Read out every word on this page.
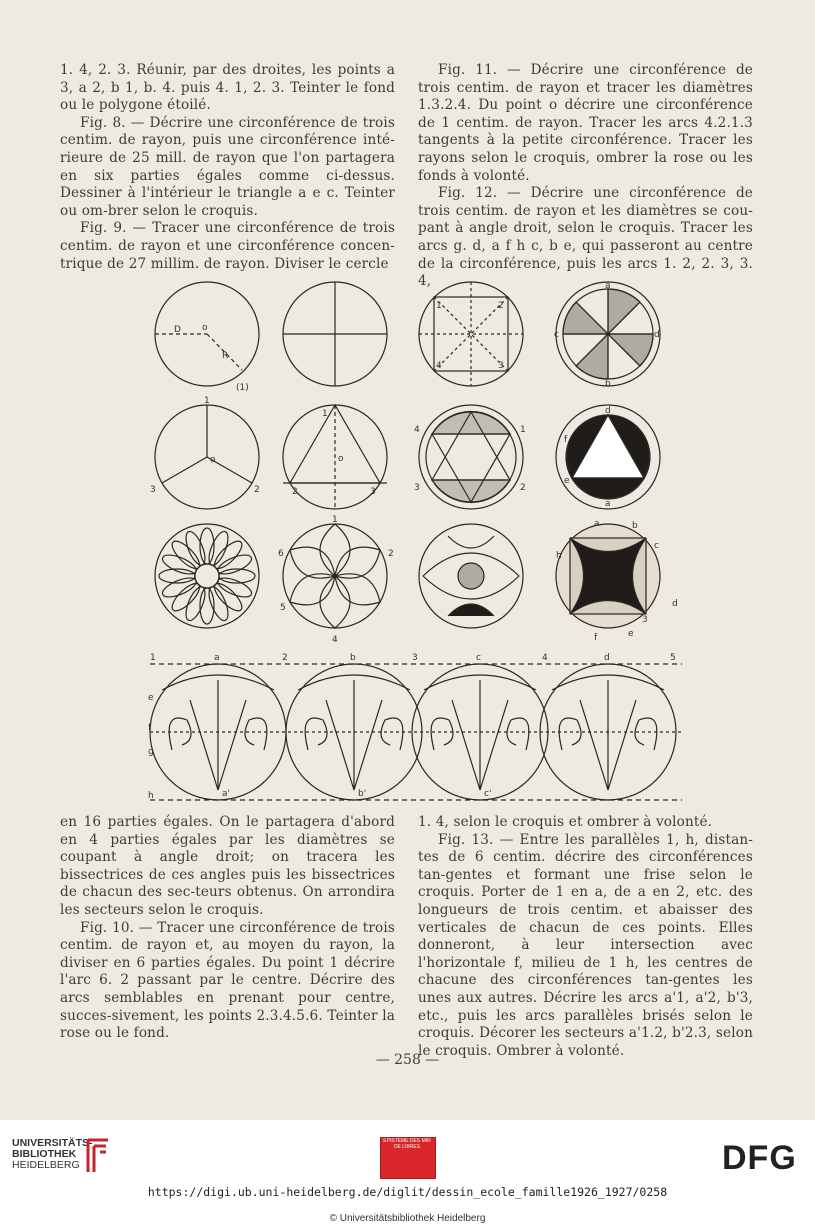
1. 4, 2. 3. Réunir, par des droites, les points a 3, a 2, b 1, b. 4. puis 4. 1, 2. 3. Teinter le fond ou le polygone étoilé.

Fig. 8. — Décrire une circonférence de trois centim. de rayon, puis une circonférence inté-rieure de 25 mill. de rayon que l'on partagera en six parties égales comme ci-dessus. Dessiner à l'intérieur le triangle a e c. Teinter ou om-brer selon le croquis.

Fig. 9. — Tracer une circonférence de trois centim. de rayon et une circonférence concen-trique de 27 millim. de rayon. Diviser le cercle

Fig. 11. — Décrire une circonférence de trois centim. de rayon et tracer les diamètres 1.3.2.4. Du point o décrire une circonférence de 1 centim. de rayon. Tracer les arcs 4.2.1.3 tangents à la petite circonférence. Tracer les rayons selon le croquis, ombrer la rose ou les fonds à volonté.

Fig. 12. — Décrire une circonférence de trois centim. de rayon et les diamètres se cou-pant à angle droit, selon le croquis. Tracer les arcs g. d, a f h c, b e, qui passeront au centre de la circonférence, puis les arcs 1. 2, 2. 3, 3. 4,

D o
R
(1)
1	2
4	3
a
c	d
b
1
o
3	2
1
o
2	3
1
4
3	2
d
f
e
a
1
6
5
4
2
a	b
h
c
d
e
f
3
1	a	2	b	3	c	4	d	5
e
f
g
h	a'	b'	c'

en 16 parties égales. On le partagera d'abord en 4 parties égales par les diamètres se coupant à angle droit; on tracera les bissectrices de ces angles puis les bissectrices de chacun des sec-teurs obtenus. On arrondira les secteurs selon le croquis.

Fig. 10. — Tracer une circonférence de trois centim. de rayon et, au moyen du rayon, la diviser en 6 parties égales. Du point 1 décrire l'arc 6. 2 passant par le centre. Décrire des arcs semblables en prenant pour centre, succes-sivement, les points 2.3.4.5.6. Teinter la rose ou le fond.

1. 4, selon le croquis et ombrer à volonté.

Fig. 13. — Entre les parallèles 1, h, distan-tes de 6 centim. décrire des circonférences tan-gentes et formant une frise selon le croquis. Porter de 1 en a, de a en 2, etc. des longueurs de trois centim. et abaisser des verticales de chacun de ces points. Elles donneront, à leur intersection avec l'horizontale f, milieu de 1 h, les centres de chacune des circonférences tan-gentes les unes aux autres. Décrire les arcs a'1, a'2, b'3, etc., puis les arcs parallèles brisés selon le croquis. Décorer les secteurs a'1.2, b'2.3, selon le croquis. Ombrer à volonté.

— 258 —
UNIVERSITÄTS-
BIBLIOTHEK
HEIDELBERG
EPISTEME DES MIR DE LIBRES	DFG
https://digi.ub.uni-heidelberg.de/diglit/dessin_ecole_famille1926_1927/0258
© Universitätsbibliothek Heidelberg
